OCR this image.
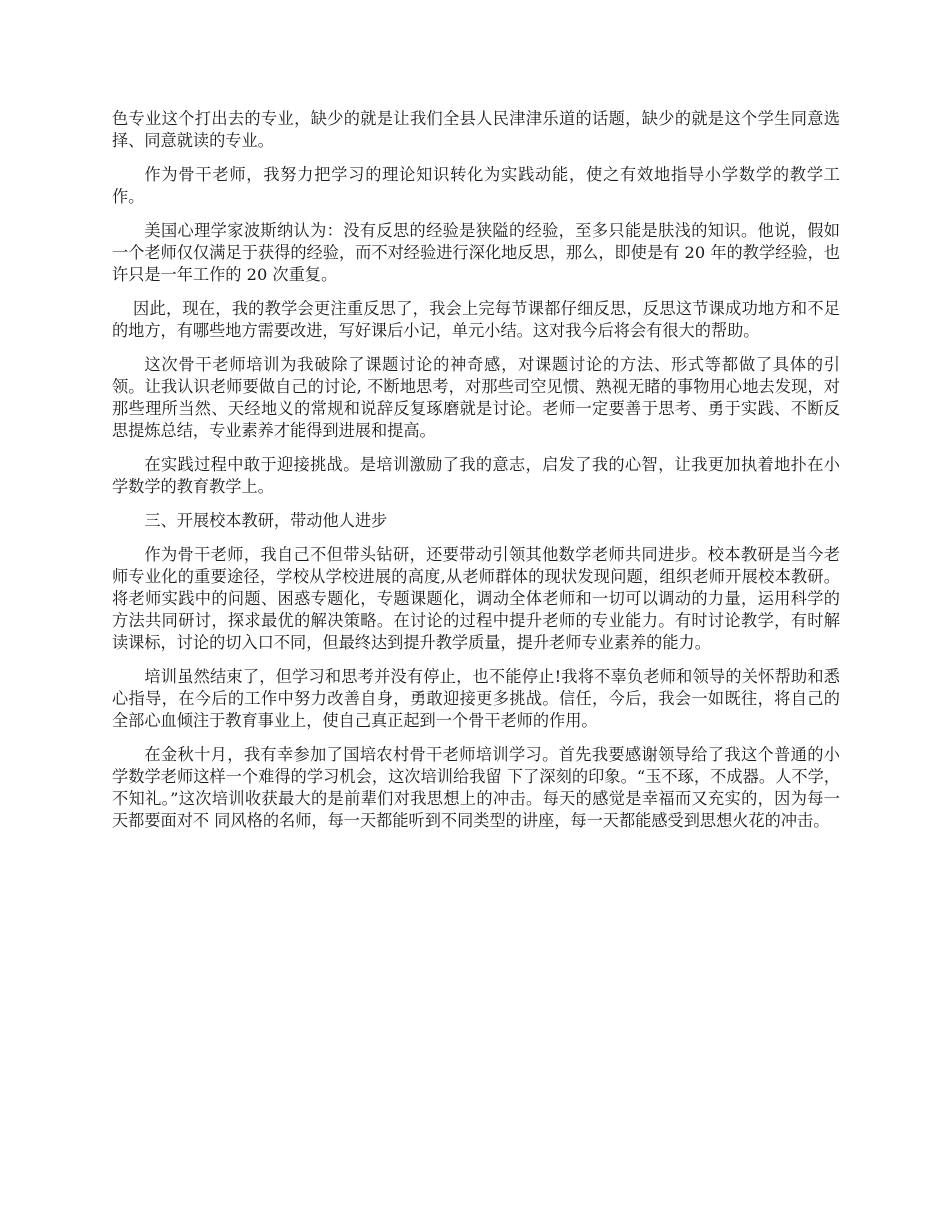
色专业这个打出去的专业，缺少的就是让我们全县人民津津乐道的话题，缺少的就是这个学生同意选择、同意就读的专业。

作为骨干老师，我努力把学习的理论知识转化为实践动能，使之有效地指导小学数学的教学工作。

美国心理学家波斯纳认为：没有反思的经验是狭隘的经验，至多只能是肤浅的知识。他说，假如一个老师仅仅满足于获得的经验，而不对经验进行深化地反思，那么，即使是有 20 年的教学经验，也许只是一年工作的 20 次重复。

因此，现在，我的教学会更注重反思了，我会上完每节课都仔细反思，反思这节课成功地方和不足的地方，有哪些地方需要改进，写好课后小记，单元小结。这对我今后将会有很大的帮助。

这次骨干老师培训为我破除了课题讨论的神奇感，对课题讨论的方法、形式等都做了具体的引领。让我认识老师要做自己的讨论, 不断地思考，对那些司空见惯、熟视无睹的事物用心地去发现，对那些理所当然、天经地义的常规和说辞反复琢磨就是讨论。老师一定要善于思考、勇于实践、不断反思提炼总结，专业素养才能得到进展和提高。

在实践过程中敢于迎接挑战。是培训激励了我的意志，启发了我的心智，让我更加执着地扑在小学数学的教育教学上。

三、开展校本教研，带动他人进步

作为骨干老师，我自己不但带头钻研，还要带动引领其他数学老师共同进步。校本教研是当今老师专业化的重要途径，学校从学校进展的高度,从老师群体的现状发现问题，组织老师开展校本教研。将老师实践中的问题、困惑专题化，专题课题化，调动全体老师和一切可以调动的力量，运用科学的方法共同研讨，探求最优的解决策略。在讨论的过程中提升老师的专业能力。有时讨论教学，有时解读课标，讨论的切入口不同，但最终达到提升教学质量，提升老师专业素养的能力。

培训虽然结束了，但学习和思考并没有停止，也不能停止!我将不辜负老师和领导的关怀帮助和悉心指导，在今后的工作中努力改善自身，勇敢迎接更多挑战。信任，今后，我会一如既往，将自己的全部心血倾注于教育事业上，使自己真正起到一个骨干老师的作用。

在金秋十月，我有幸参加了国培农村骨干老师培训学习。首先我要感谢领导给了我这个普通的小学数学老师这样一个难得的学习机会，这次培训给我留 下了深刻的印象。“玉不琢，不成器。人不学，不知礼。”这次培训收获最大的是前辈们对我思想上的冲击。每天的感觉是幸福而又充实的，因为每一天都要面对不 同风格的名师，每一天都能听到不同类型的讲座，每一天都能感受到思想火花的冲击。
